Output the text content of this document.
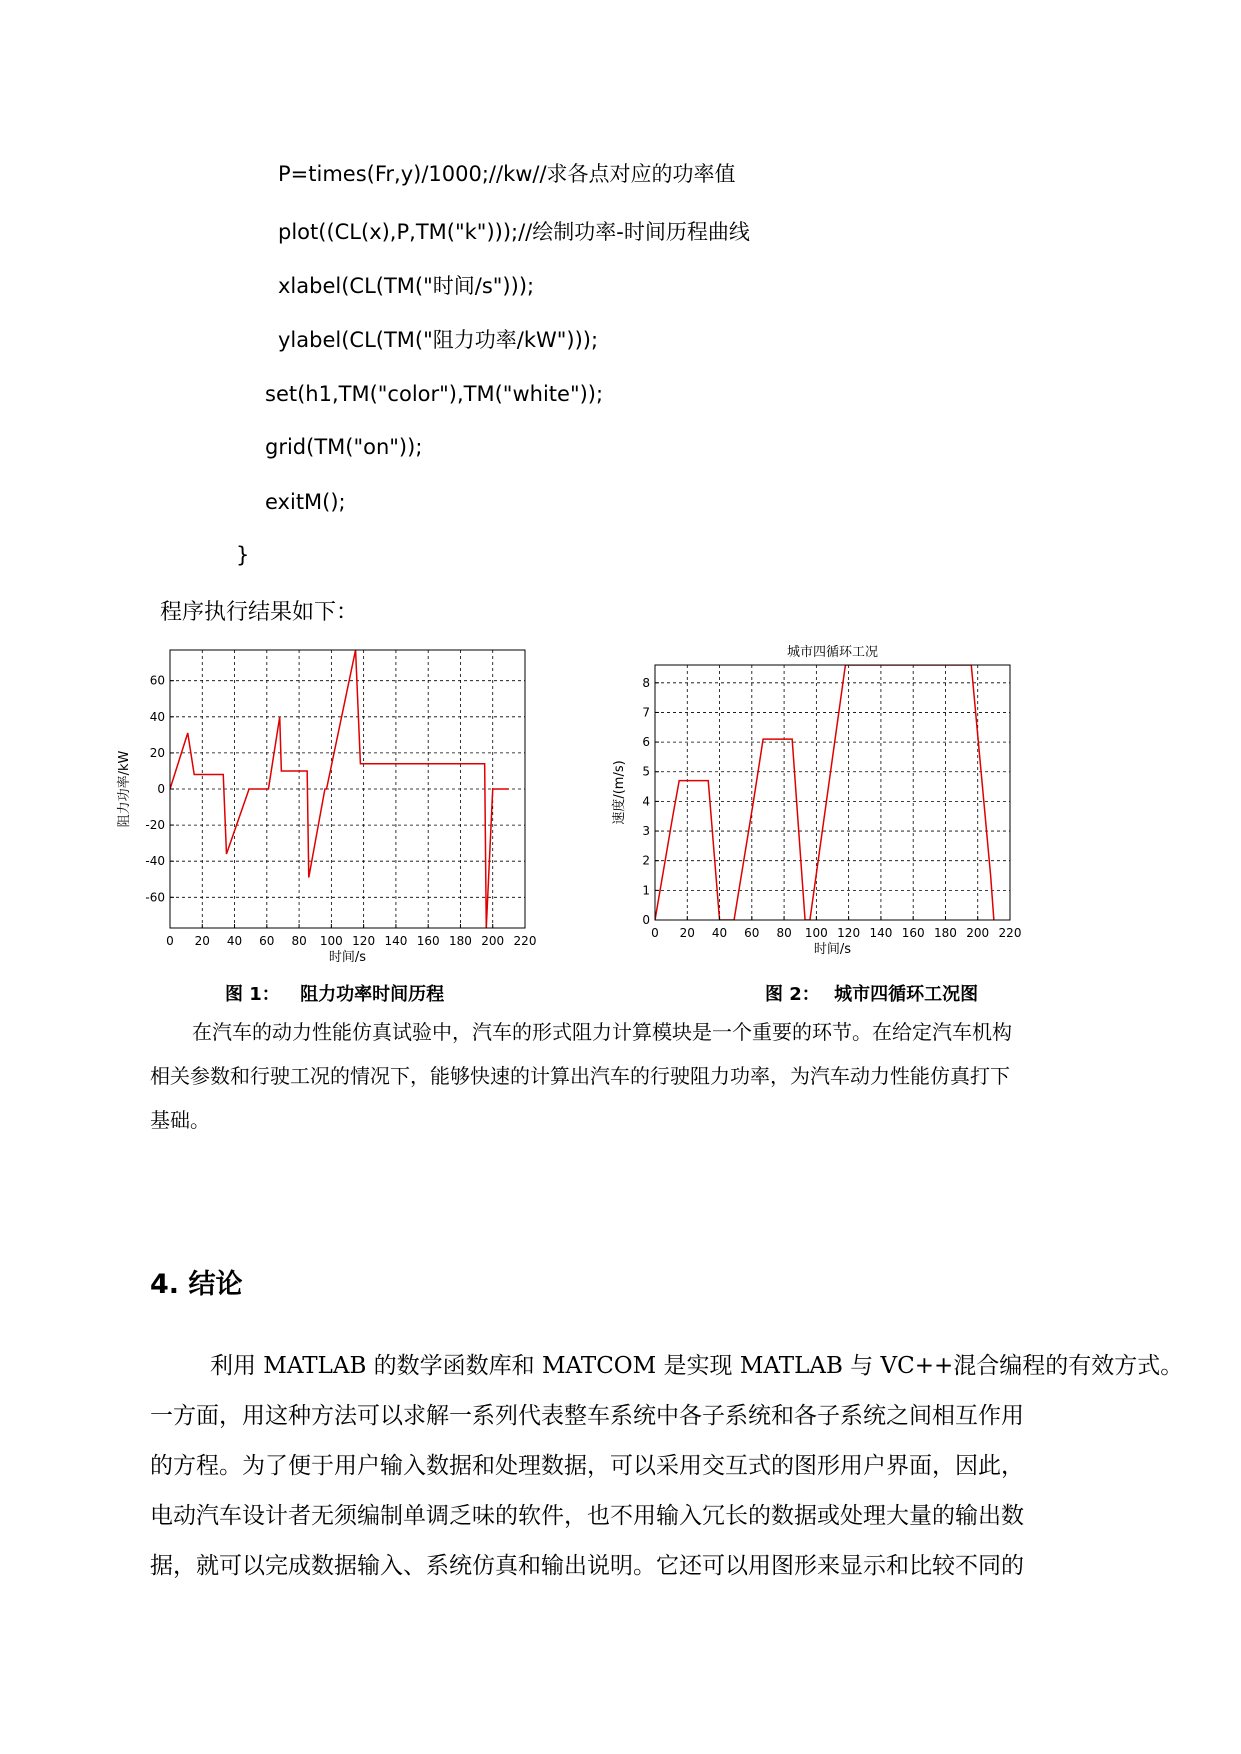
P=times(Fr,y)/1000;//kw//求各点对应的功率值
plot((CL(x),P,TM("k")));//绘制功率-时间历程曲线
xlabel(CL(TM("时间/s")));
ylabel(CL(TM("阻力功率/kW")));
set(h1,TM("color"),TM("white"));
grid(TM("on"));
exitM();
}
程序执行结果如下：
0 20 40 60 80 100 120 140 160 180 200 220
-60
-40
-20
0
20
40
60
时间/s
阻力功率/kW
0 20 40 60 80 100 120 140 160 180 200 220
0
1
2
3
4
5
6
7
8
时间/s
速度/(m/s)
城市四循环工况
图 1： 阻力功率时间历程	图 2： 城市四循环工况图
在汽车的动力性能仿真试验中，汽车的形式阻力计算模块是一个重要的环节。在给定汽车机构
相关参数和行驶工况的情况下，能够快速的计算出汽车的行驶阻力功率，为汽车动力性能仿真打下
基础。
4. 结论
利用 MATLAB 的数学函数库和 MATCOM 是实现 MATLAB 与 VC++混合编程的有效方式。
一方面，用这种方法可以求解一系列代表整车系统中各子系统和各子系统之间相互作用
的方程。为了便于用户输入数据和处理数据，可以采用交互式的图形用户界面，因此，
电动汽车设计者无须编制单调乏味的软件，也不用输入冗长的数据或处理大量的输出数
据，就可以完成数据输入、系统仿真和输出说明。它还可以用图形来显示和比较不同的
